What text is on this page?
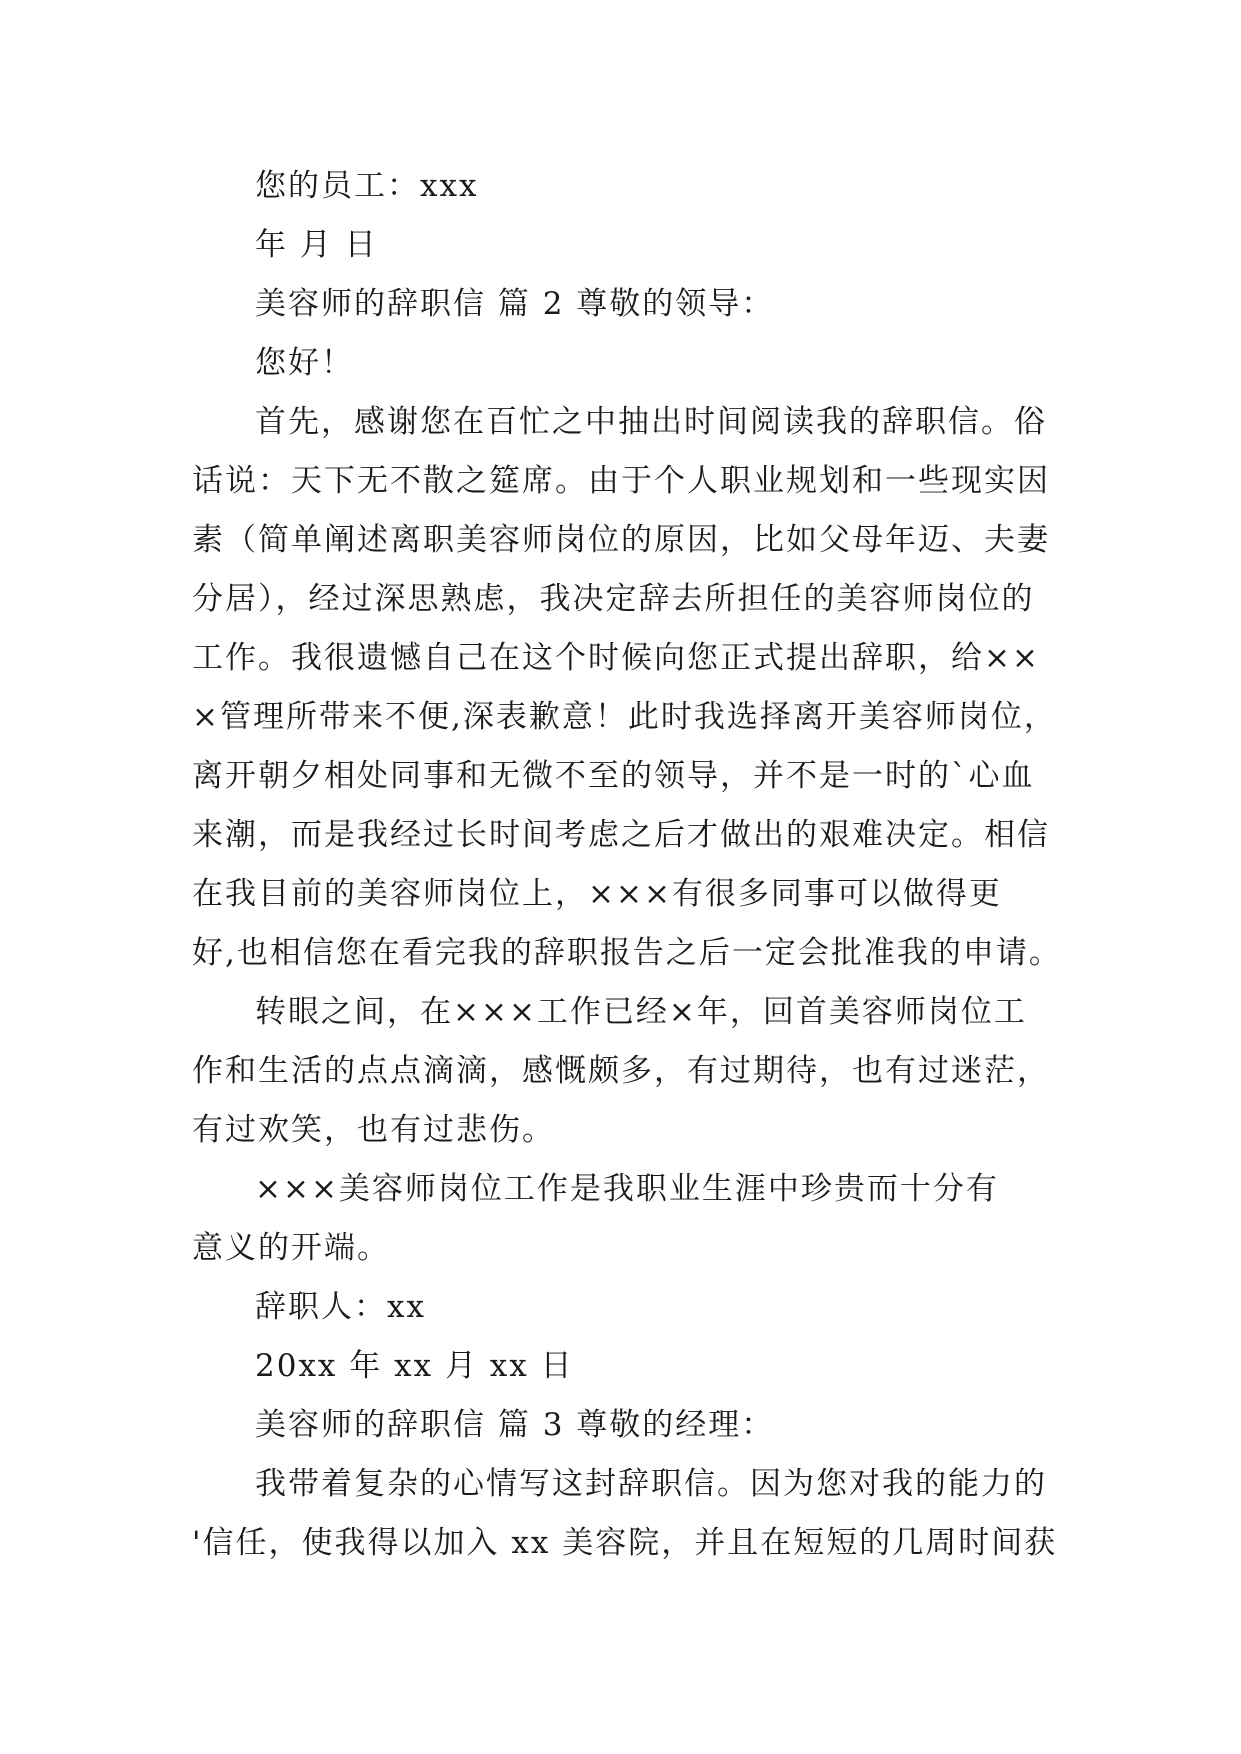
您的员工：xxx
年 月 日
美容师的辞职信 篇 2 尊敬的领导：
您好！
首先，感谢您在百忙之中抽出时间阅读我的辞职信。俗
话说：天下无不散之筵席。由于个人职业规划和一些现实因
素（简单阐述离职美容师岗位的原因，比如父母年迈、夫妻
分居），经过深思熟虑，我决定辞去所担任的美容师岗位的
工作。我很遗憾自己在这个时候向您正式提出辞职，给××
×管理所带来不便,深表歉意！此时我选择离开美容师岗位，
离开朝夕相处同事和无微不至的领导，并不是一时的`心血
来潮，而是我经过长时间考虑之后才做出的艰难决定。相信
在我目前的美容师岗位上，×××有很多同事可以做得更
好,也相信您在看完我的辞职报告之后一定会批准我的申请。
转眼之间，在×××工作已经×年，回首美容师岗位工
作和生活的点点滴滴，感慨颇多，有过期待，也有过迷茫，
有过欢笑，也有过悲伤。
×××美容师岗位工作是我职业生涯中珍贵而十分有
意义的开端。
辞职人：xx
20xx 年 xx 月 xx 日
美容师的辞职信 篇 3 尊敬的经理：
我带着复杂的心情写这封辞职信。因为您对我的能力的
'信任，使我得以加入 xx 美容院，并且在短短的几周时间获
